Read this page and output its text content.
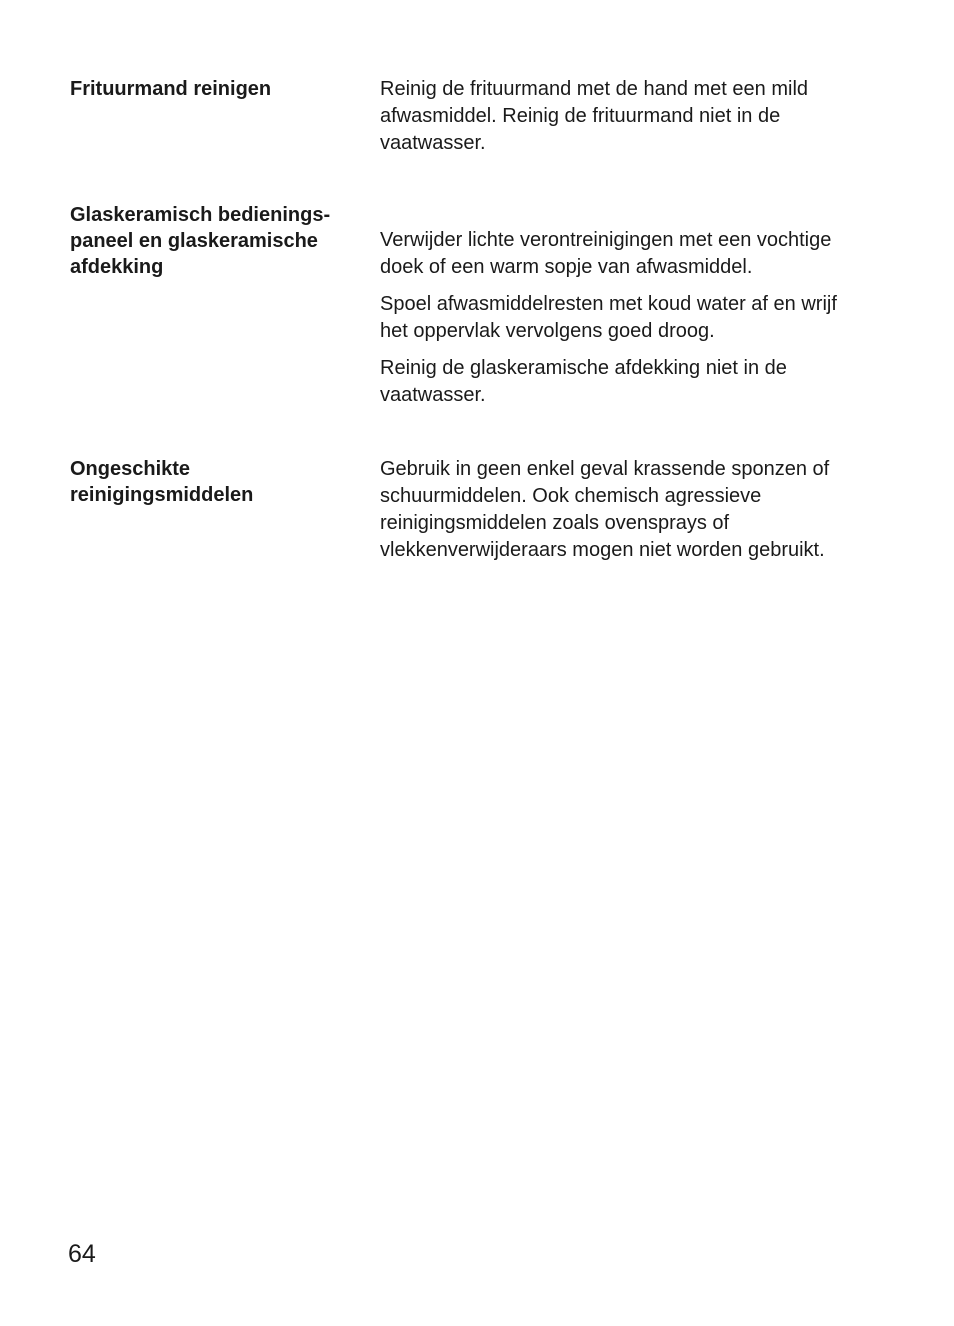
Frituurmand reinigen	Reinig de frituurmand met de hand met een mild
afwasmiddel. Reinig de frituurmand niet in de
vaatwasser.

Glaskeramisch bedienings-
paneel en glaskeramische
afdekking

Verwijder lichte verontreinigingen met een vochtige
doek of een warm sopje van afwasmiddel.

Spoel afwasmiddelresten met koud water af en wrijf
het oppervlak vervolgens goed droog.

Reinig de glaskeramische afdekking niet in de
vaatwasser.

Ongeschikte
reinigingsmiddelen

Gebruik in geen enkel geval krassende sponzen of
schuurmiddelen. Ook chemisch agressieve
reinigingsmiddelen zoals ovensprays of
vlekkenverwijderaars mogen niet worden gebruikt.

64
